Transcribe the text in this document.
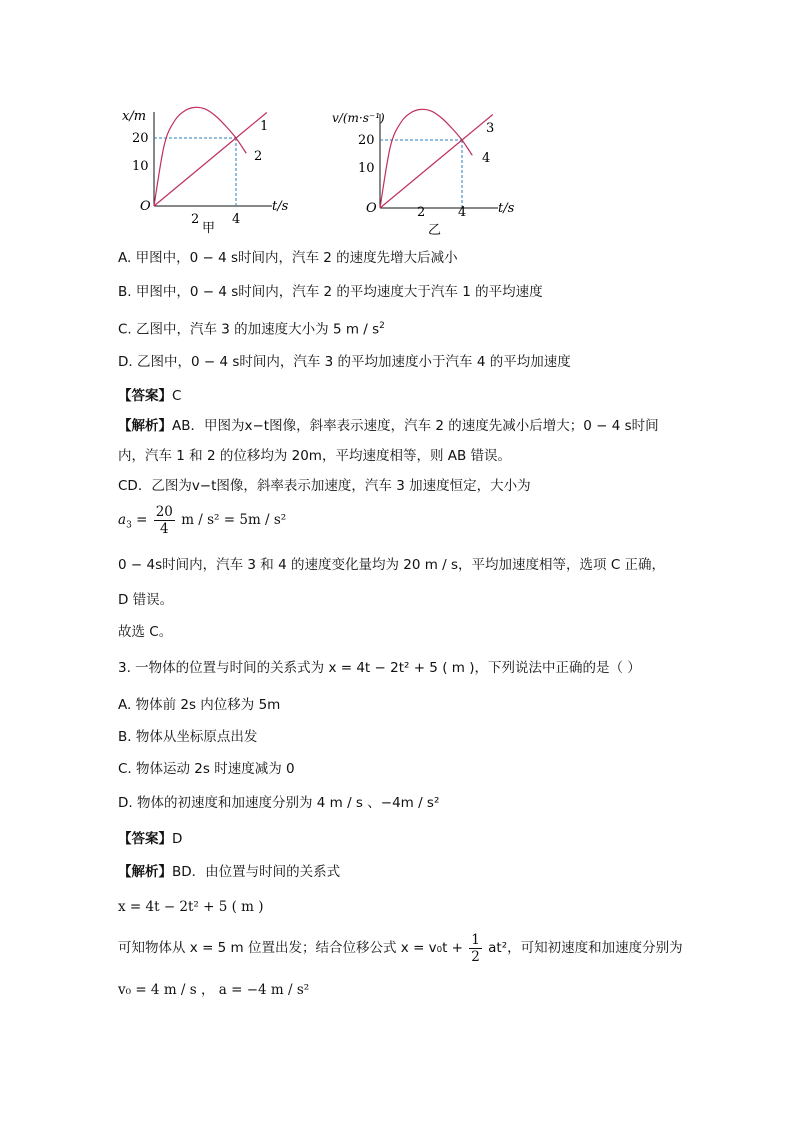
x/m
t/s
O
20
10
2	4
甲
1
2
v/(m·s⁻¹)
t/s
O
20
10
2	4
乙
3
4
A. 甲图中，0 − 4 s时间内，汽车 2 的速度先增大后减小
B. 甲图中，0 − 4 s时间内，汽车 2 的平均速度大于汽车 1 的平均速度
C. 乙图中，汽车 3 的加速度大小为 5 m / $s^2$
D. 乙图中，0 − 4 s时间内，汽车 3 的平均加速度小于汽车 4 的平均加速度
【答案】C
【解析】AB．甲图为x−t图像，斜率表示速度，汽车 2 的速度先减小后增大；0 − 4 s时间
内，汽车 1 和 2 的位移均为 20m，平均速度相等，则 AB 错误。
CD．乙图为v−t图像，斜率表示加速度，汽车 3 加速度恒定，大小为
$a_3 = \frac{20}{4}$ m / s² = 5m / s²
0 − 4s时间内，汽车 3 和 4 的速度变化量均为 20 m / s，平均加速度相等，选项 C 正确，
D 错误。
故选 C。
3. 一物体的位置与时间的关系式为 x = 4t − 2t² + 5 ( m )，下列说法中正确的是（ ）
A. 物体前 2s 内位移为 5m
B. 物体从坐标原点出发
C. 物体运动 2s 时速度减为 0
D. 物体的初速度和加速度分别为 4 m / s 、−4m / s²
【答案】D
【解析】BD．由位置与时间的关系式
x = 4t − 2t² + 5 ( m )
可知物体从 x = 5 m 位置出发；结合位移公式 $x = v_0t + \frac{1}{2} at^2$，可知初速度和加速度分别为
v₀ = 4 m / s ， a = −4 m / s²
